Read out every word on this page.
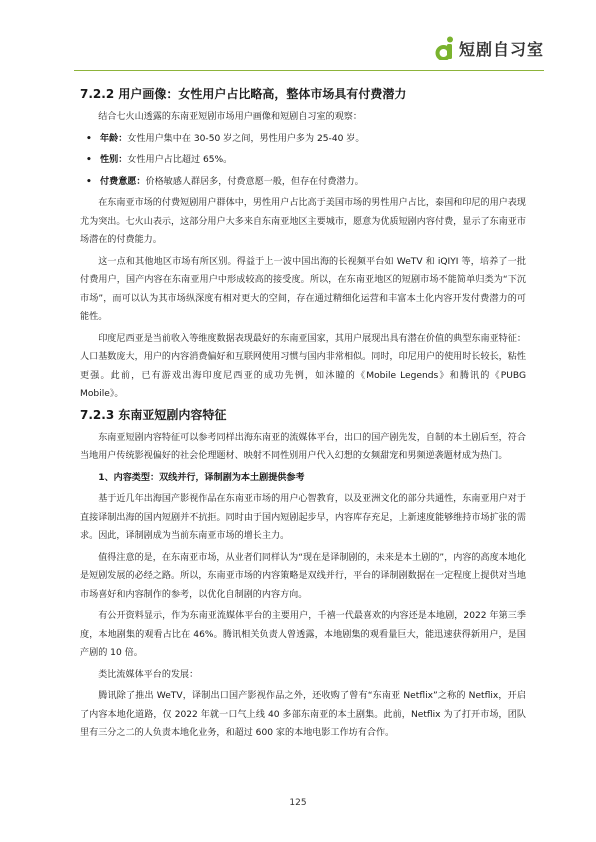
短剧自习室
7.2.2 用户画像：女性用户占比略高，整体市场具有付费潜力

结合七火山透露的东南亚短剧市场用户画像和短剧自习室的观察：

• 年龄：女性用户集中在 30-50 岁之间，男性用户多为 25-40 岁。
• 性别：女性用户占比超过 65%。
• 付费意愿：价格敏感人群居多，付费意愿一般，但存在付费潜力。

在东南亚市场的付费短剧用户群体中，男性用户占比高于美国市场的男性用户占比，泰国和印尼的用户表现尤为突出。七火山表示，这部分用户大多来自东南亚地区主要城市，愿意为优质短剧内容付费，显示了东南亚市场潜在的付费能力。

这一点和其他地区市场有所区别。得益于上一波中国出海的长视频平台如 WeTV 和 iQIYI 等，培养了一批付费用户，国产内容在东南亚用户中形成较高的接受度。所以，在东南亚地区的短剧市场不能简单归类为“下沉市场”，而可以认为其市场纵深度有相对更大的空间，存在通过精细化运营和丰富本土化内容开发付费潜力的可能性。

印度尼西亚是当前收入等维度数据表现最好的东南亚国家，其用户展现出具有潜在价值的典型东南亚特征：人口基数庞大，用户的内容消费偏好和互联网使用习惯与国内非常相似。同时，印尼用户的使用时长较长，粘性更强。此前，已有游戏出海印度尼西亚的成功先例，如沐瞳的《Mobile Legends》和腾讯的《PUBG Mobile》。

7.2.3 东南亚短剧内容特征

东南亚短剧内容特征可以参考同样出海东南亚的流媒体平台，出口的国产剧先发，自制的本土剧后至，符合当地用户传统影视偏好的社会伦理题材、映射不同性别用户代入幻想的女频甜宠和男频逆袭题材成为热门。

1、内容类型：双线并行，译制剧为本土剧提供参考

基于近几年出海国产影视作品在东南亚市场的用户心智教育，以及亚洲文化的部分共通性，东南亚用户对于直接译制出海的国内短剧并不抗拒。同时由于国内短剧起步早，内容库存充足，上新速度能够维持市场扩张的需求。因此，译制剧成为当前东南亚市场的增长主力。

值得注意的是，在东南亚市场，从业者们同样认为“现在是译制剧的，未来是本土剧的”，内容的高度本地化是短剧发展的必经之路。所以，东南亚市场的内容策略是双线并行，平台的译制剧数据在一定程度上提供对当地市场喜好和内容制作的参考，以优化自制剧的内容方向。

有公开资料显示，作为东南亚流媒体平台的主要用户，千禧一代最喜欢的内容还是本地剧，2022 年第三季度，本地剧集的观看占比在 46%。腾讯相关负责人曾透露，本地剧集的观看量巨大，能迅速获得新用户，是国产剧的 10 倍。

类比流媒体平台的发展：

腾讯除了推出 WeTV，译制出口国产影视作品之外，还收购了曾有“东南亚 Netflix”之称的 Netflix，开启了内容本地化道路，仅 2022 年就一口气上线 40 多部东南亚的本土剧集。此前，Netflix 为了打开市场，团队里有三分之二的人负责本地化业务，和超过 600 家的本地电影工作坊有合作。

125
